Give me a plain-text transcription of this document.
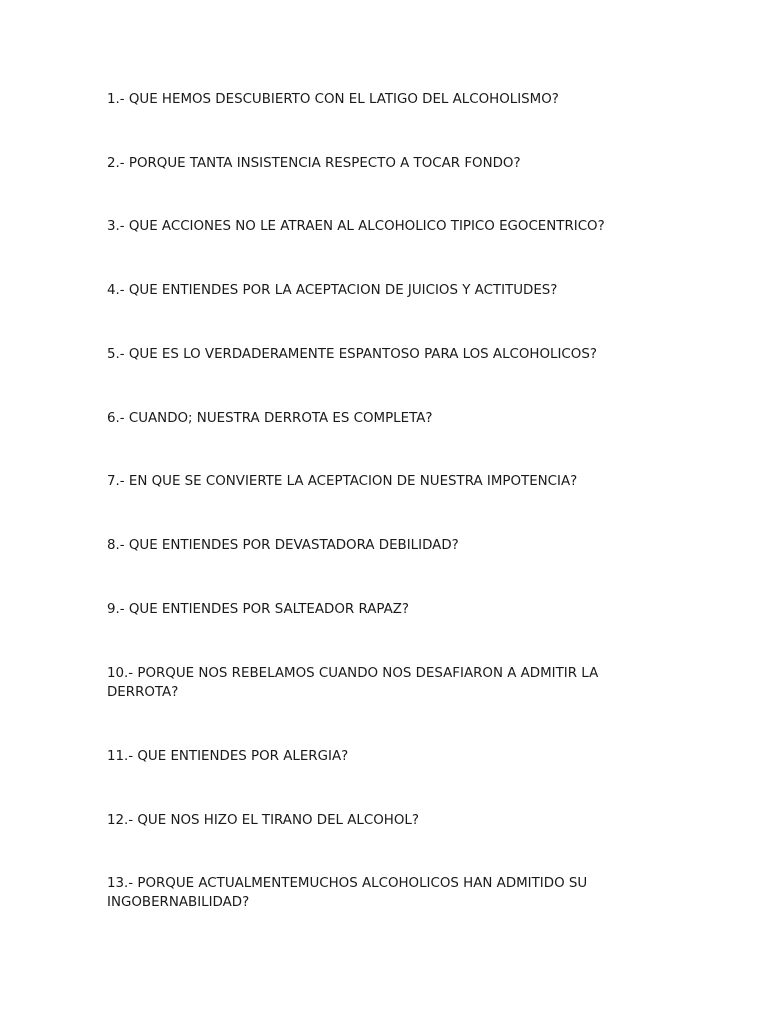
1.- QUE HEMOS DESCUBIERTO CON EL LATIGO DEL ALCOHOLISMO?

2.- PORQUE TANTA INSISTENCIA RESPECTO A TOCAR FONDO?

3.- QUE ACCIONES NO LE ATRAEN AL ALCOHOLICO TIPICO EGOCENTRICO?

4.- QUE ENTIENDES POR LA ACEPTACION DE JUICIOS Y ACTITUDES?

5.- QUE ES LO VERDADERAMENTE ESPANTOSO PARA LOS ALCOHOLICOS?

6.- CUANDO; NUESTRA DERROTA ES COMPLETA?

7.- EN QUE SE CONVIERTE LA ACEPTACION DE NUESTRA IMPOTENCIA?

8.- QUE ENTIENDES POR DEVASTADORA DEBILIDAD?

9.- QUE ENTIENDES POR SALTEADOR RAPAZ?

10.- PORQUE NOS REBELAMOS CUANDO NOS DESAFIARON A ADMITIR LA DERROTA?

11.- QUE ENTIENDES POR ALERGIA?

12.- QUE NOS HIZO EL TIRANO DEL ALCOHOL?

13.- PORQUE ACTUALMENTEMUCHOS ALCOHOLICOS HAN ADMITIDO SU INGOBERNABILIDAD?
